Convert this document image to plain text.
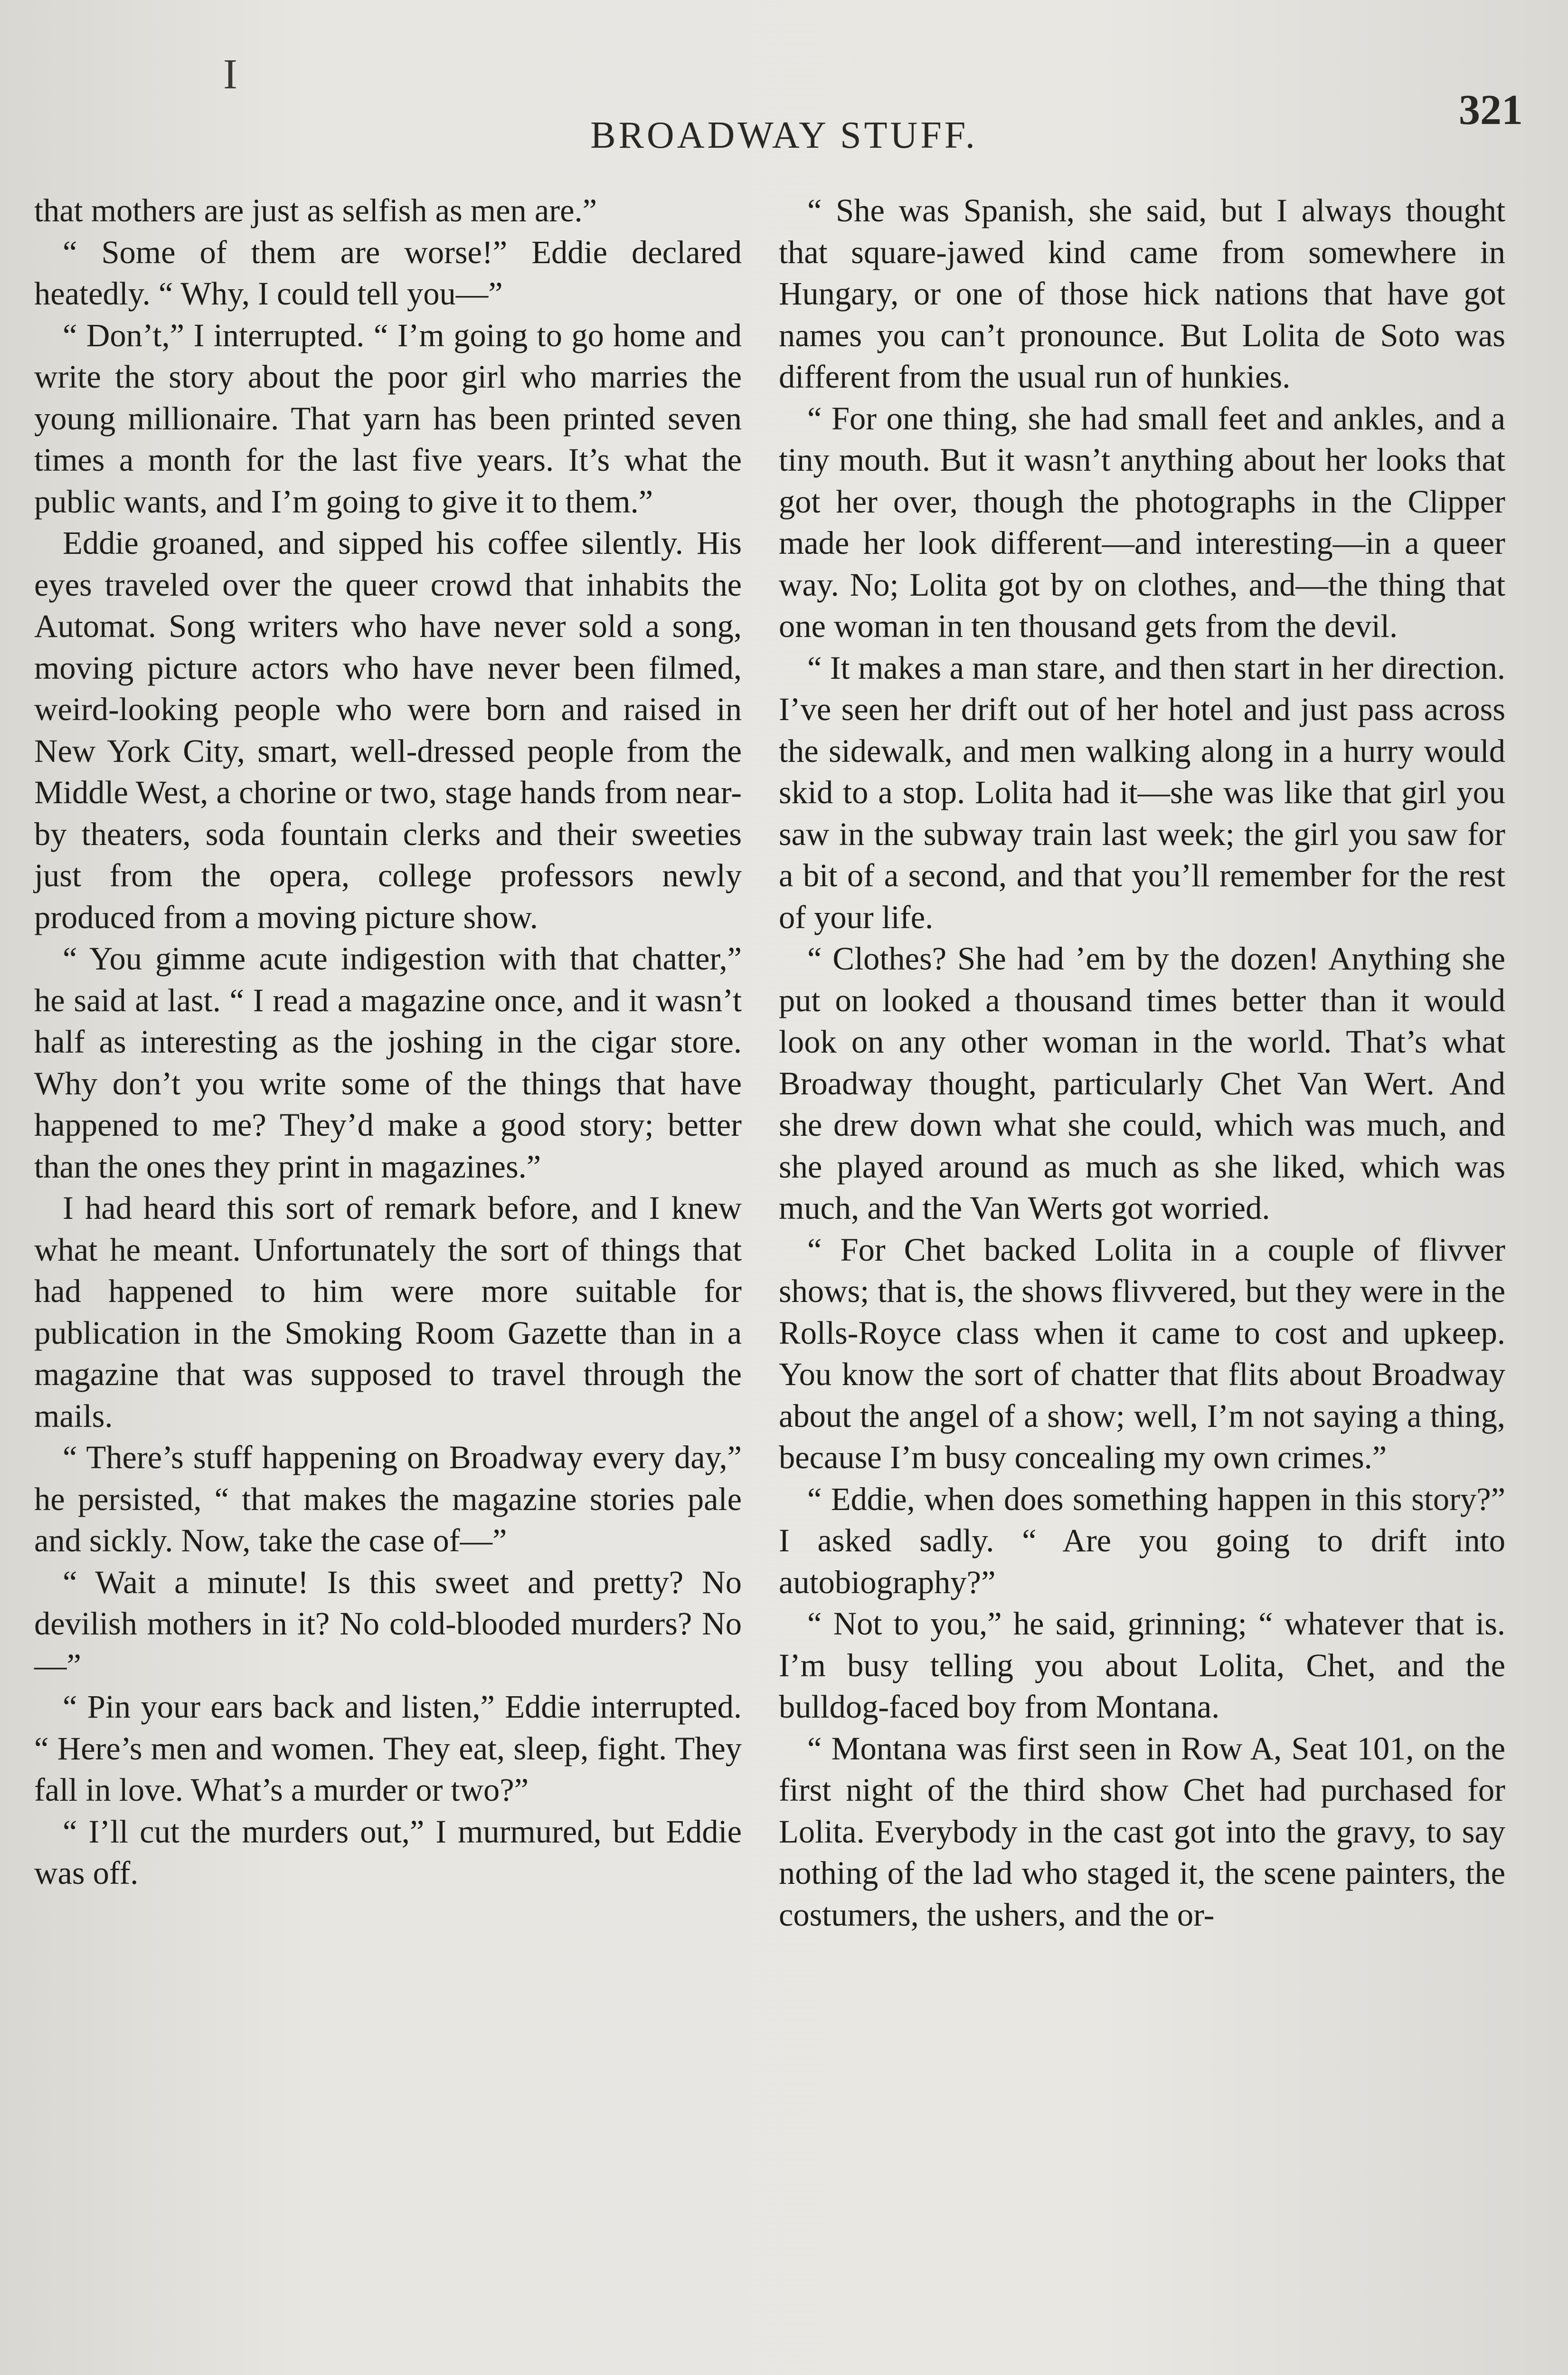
I
BROADWAY STUFF.
321

that mothers are just as selfish as men are.”

“ Some of them are worse!” Eddie declared heatedly. “ Why, I could tell you—”

“ Don’t,” I interrupted. “ I’m going to go home and write the story about the poor girl who marries the young millionaire. That yarn has been printed seven times a month for the last five years. It’s what the public wants, and I’m going to give it to them.”

Eddie groaned, and sipped his coffee silently. His eyes traveled over the queer crowd that inhabits the Automat. Song writers who have never sold a song, moving picture actors who have never been filmed, weird-looking people who were born and raised in New York City, smart, well-dressed people from the Middle West, a chorine or two, stage hands from near-by theaters, soda fountain clerks and their sweeties just from the opera, college professors newly produced from a moving picture show.

“ You gimme acute indigestion with that chatter,” he said at last. “ I read a magazine once, and it wasn’t half as interesting as the joshing in the cigar store. Why don’t you write some of the things that have happened to me? They’d make a good story; better than the ones they print in magazines.”

I had heard this sort of remark before, and I knew what he meant. Unfortunately the sort of things that had happened to him were more suitable for publication in the Smoking Room Gazette than in a magazine that was supposed to travel through the mails.

“ There’s stuff happening on Broadway every day,” he persisted, “ that makes the magazine stories pale and sickly. Now, take the case of—”

“ Wait a minute! Is this sweet and pretty? No devilish mothers in it? No cold-blooded murders? No—”

“ Pin your ears back and listen,” Eddie interrupted. “ Here’s men and women. They eat, sleep, fight. They fall in love. What’s a murder or two?”

“ I’ll cut the murders out,” I murmured, but Eddie was off.

“ She was Spanish, she said, but I always thought that square-jawed kind came from somewhere in Hungary, or one of those hick nations that have got names you can’t pronounce. But Lolita de Soto was different from the usual run of hunkies.

“ For one thing, she had small feet and ankles, and a tiny mouth. But it wasn’t anything about her looks that got her over, though the photographs in the Clipper made her look different—and interesting—in a queer way. No; Lolita got by on clothes, and—the thing that one woman in ten thousand gets from the devil.

“ It makes a man stare, and then start in her direction. I’ve seen her drift out of her hotel and just pass across the sidewalk, and men walking along in a hurry would skid to a stop. Lolita had it—she was like that girl you saw in the subway train last week; the girl you saw for a bit of a second, and that you’ll remember for the rest of your life.

“ Clothes? She had ’em by the dozen! Anything she put on looked a thousand times better than it would look on any other woman in the world. That’s what Broadway thought, particularly Chet Van Wert. And she drew down what she could, which was much, and she played around as much as she liked, which was much, and the Van Werts got worried.

“ For Chet backed Lolita in a couple of flivver shows; that is, the shows flivvered, but they were in the Rolls-Royce class when it came to cost and upkeep. You know the sort of chatter that flits about Broadway about the angel of a show; well, I’m not saying a thing, because I’m busy concealing my own crimes.”

“ Eddie, when does something happen in this story?” I asked sadly. “ Are you going to drift into autobiography?”

“ Not to you,” he said, grinning; “ whatever that is. I’m busy telling you about Lolita, Chet, and the bulldog-faced boy from Montana.

“ Montana was first seen in Row A, Seat 101, on the first night of the third show Chet had purchased for Lolita. Everybody in the cast got into the gravy, to say nothing of the lad who staged it, the scene painters, the costumers, the ushers, and the or-
